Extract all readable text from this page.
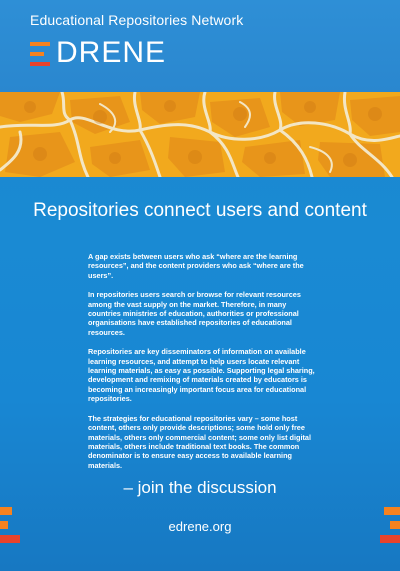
Educational Repositories Network
DRENE
Repositories connect users and content

A gap exists between users who ask “where are the learning resources”, and the content providers who ask “where are the users”.

In repositories users search or browse for relevant resources among the vast supply on the market. Therefore, in many countries ministries of education, authorities or professional organisations have established repositories of educational resources.

Repositories are key disseminators of information on available learning resources, and attempt to help users locate relevant learning materials, as easy as possible. Supporting legal sharing, development and remixing of materials created by educators is becoming an increasingly important focus area for educational repositories.

The strategies for educational repositories vary – some host content, others only provide descriptions; some hold only free materials, others only commercial content; some only list digital materials, others include traditional text books. The common denominator is to ensure easy access to available learning materials.

– join the discussion
edrene.org
